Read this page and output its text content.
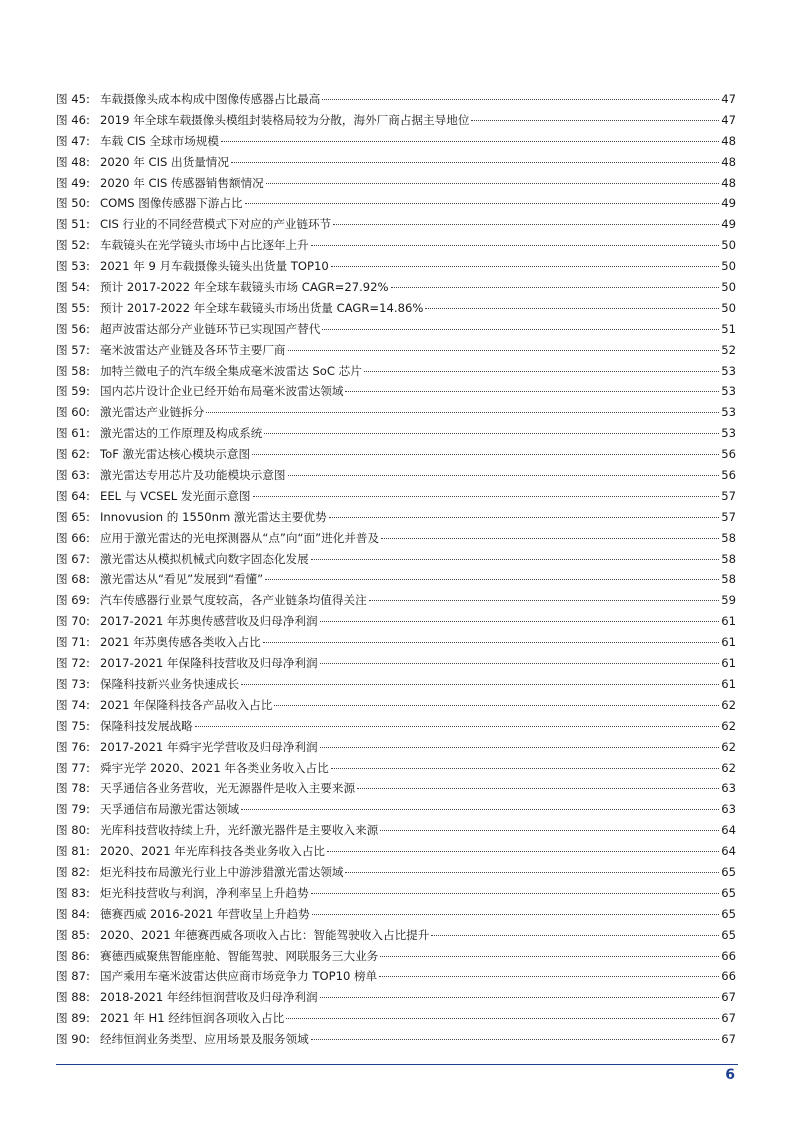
图 45: 车载摄像头成本构成中图像传感器占比最高	47
图 46: 2019 年全球车载摄像头模组封装格局较为分散，海外厂商占据主导地位	47
图 47: 车载 CIS 全球市场规模	48
图 48: 2020 年 CIS 出货量情况	48
图 49: 2020 年 CIS 传感器销售额情况	48
图 50: COMS 图像传感器下游占比	49
图 51: CIS 行业的不同经营模式下对应的产业链环节	49
图 52: 车载镜头在光学镜头市场中占比逐年上升	50
图 53: 2021 年 9 月车载摄像头镜头出货量 TOP10	50
图 54: 预计 2017-2022 年全球车载镜头市场 CAGR=27.92%	50
图 55: 预计 2017-2022 年全球车载镜头市场出货量 CAGR=14.86%	50
图 56: 超声波雷达部分产业链环节已实现国产替代	51
图 57: 毫米波雷达产业链及各环节主要厂商	52
图 58: 加特兰微电子的汽车级全集成毫米波雷达 SoC 芯片	53
图 59: 国内芯片设计企业已经开始布局毫米波雷达领域	53
图 60: 激光雷达产业链拆分	53
图 61: 激光雷达的工作原理及构成系统	53
图 62: ToF 激光雷达核心模块示意图	56
图 63: 激光雷达专用芯片及功能模块示意图	56
图 64: EEL 与 VCSEL 发光面示意图	57
图 65: Innovusion 的 1550nm 激光雷达主要优势	57
图 66: 应用于激光雷达的光电探测器从“点”向“面”进化并普及	58
图 67: 激光雷达从模拟机械式向数字固态化发展	58
图 68: 激光雷达从“看见”发展到“看懂”	58
图 69: 汽车传感器行业景气度较高，各产业链条均值得关注	59
图 70: 2017-2021 年苏奥传感营收及归母净利润	61
图 71: 2021 年苏奥传感各类收入占比	61
图 72: 2017-2021 年保隆科技营收及归母净利润	61
图 73: 保隆科技新兴业务快速成长	61
图 74: 2021 年保隆科技各产品收入占比	62
图 75: 保隆科技发展战略	62
图 76: 2017-2021 年舜宇光学营收及归母净利润	62
图 77: 舜宇光学 2020、2021 年各类业务收入占比	62
图 78: 天孚通信各业务营收，光无源器件是收入主要来源	63
图 79: 天孚通信布局激光雷达领域	63
图 80: 光库科技营收持续上升，光纤激光器件是主要收入来源	64
图 81: 2020、2021 年光库科技各类业务收入占比	64
图 82: 炬光科技布局激光行业上中游涉猎激光雷达领域	65
图 83: 炬光科技营收与利润，净利率呈上升趋势	65
图 84: 德赛西威 2016-2021 年营收呈上升趋势	65
图 85: 2020、2021 年德赛西威各项收入占比：智能驾驶收入占比提升	65
图 86: 赛德西威聚焦智能座舱、智能驾驶、网联服务三大业务	66
图 87: 国产乘用车毫米波雷达供应商市场竞争力 TOP10 榜单	66
图 88: 2018-2021 年经纬恒润营收及归母净利润	67
图 89: 2021 年 H1 经纬恒润各项收入占比	67
图 90: 经纬恒润业务类型、应用场景及服务领域	67
6
